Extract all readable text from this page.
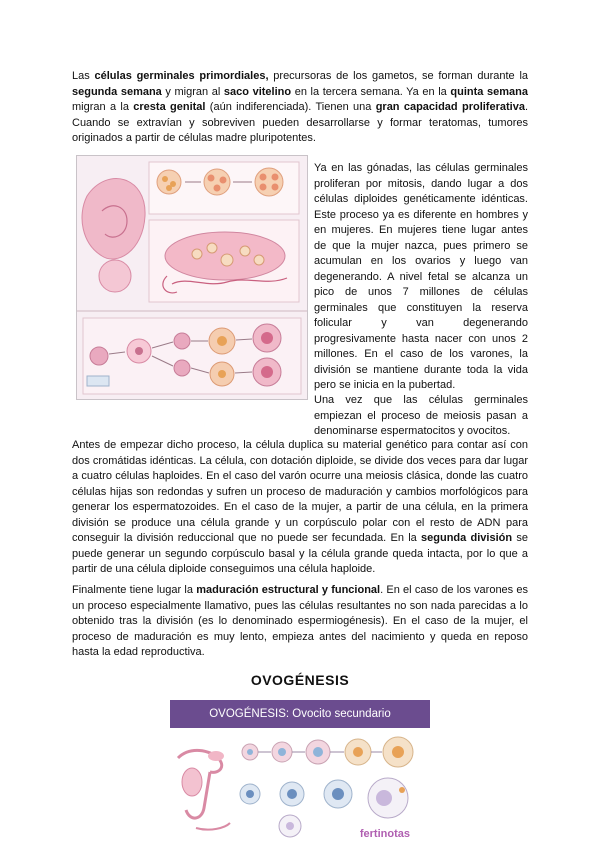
Las células germinales primordiales, precursoras de los gametos, se forman durante la segunda semana y migran al saco vitelino en la tercera semana. Ya en la quinta semana migran a la cresta genital (aún indiferenciada). Tienen una gran capacidad proliferativa. Cuando se extravían y sobreviven pueden desarrollarse y formar teratomas, tumores originados a partir de células madre pluripotentes.

Ya en las gónadas, las células germinales proliferan por mitosis, dando lugar a dos células diploides genéticamente idénticas. Este proceso ya es diferente en hombres y en mujeres. En mujeres tiene lugar antes de que la mujer nazca, pues primero se acumulan en los ovarios y luego van degenerando. A nivel fetal se alcanza un pico de unos 7 millones de células germinales que constituyen la reserva folicular y van degenerando progresivamente hasta nacer con unos 2 millones. En el caso de los varones, la división se mantiene durante toda la vida pero se inicia en la pubertad.

Una vez que las células germinales empiezan el proceso de meiosis pasan a denominarse espermatocitos y ovocitos.

Antes de empezar dicho proceso, la célula duplica su material genético para contar así con dos cromátidas idénticas. La célula, con dotación diploide, se divide dos veces para dar lugar a cuatro células haploides. En el caso del varón ocurre una meiosis clásica, donde las cuatro células hijas son redondas y sufren un proceso de maduración y cambios morfológicos para generar los espermatozoides. En el caso de la mujer, a partir de una célula, en la primera división se produce una célula grande y un corpúsculo polar con el resto de ADN para conseguir la división reduccional que no puede ser fecundada. En la segunda división se puede generar un segundo corpúsculo basal y la célula grande queda intacta, por lo que a partir de una célula diploide conseguimos una célula haploide.

Finalmente tiene lugar la maduración estructural y funcional. En el caso de los varones es un proceso especialmente llamativo, pues las células resultantes no son nada parecidas a lo obtenido tras la división (es lo denominado espermiogénesis). En el caso de la mujer, el proceso de maduración es muy lento, empieza antes del nacimiento y queda en reposo hasta la edad reproductiva.

OVOGÉNESIS
OVOGÉNESIS: Ovocito secundario
fertinotas
